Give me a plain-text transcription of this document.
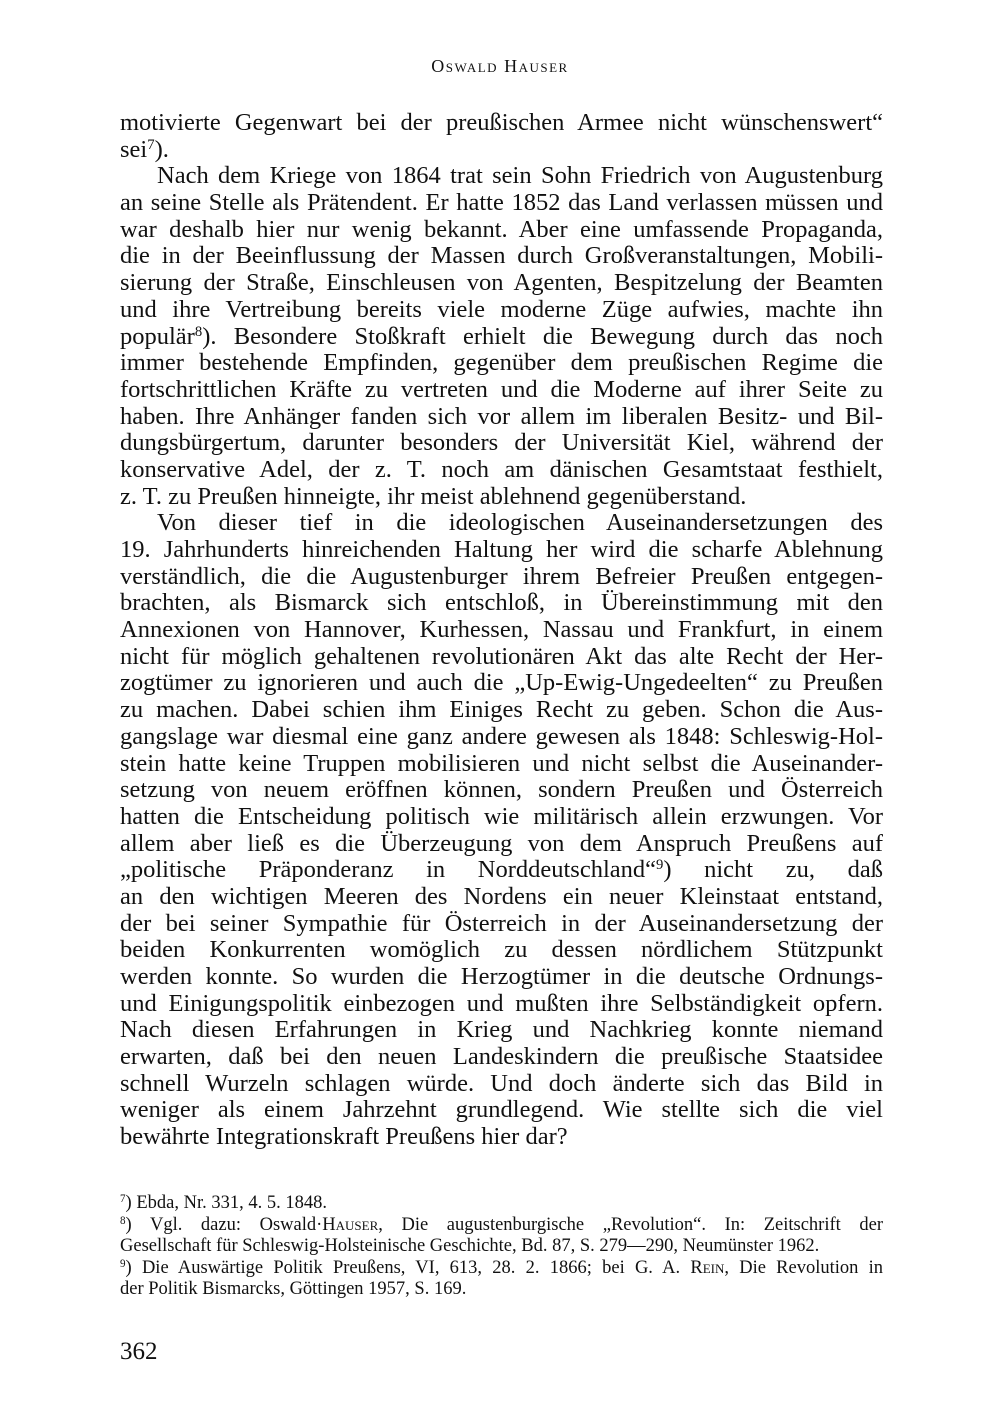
Oswald Hauser
motivierte Gegenwart bei der preußischen Armee nicht wünschenswert“
sei$^7$).
Nach dem Kriege von 1864 trat sein Sohn Friedrich von Augustenburg
an seine Stelle als Prätendent. Er hatte 1852 das Land verlassen müssen und
war deshalb hier nur wenig bekannt. Aber eine umfassende Propaganda,
die in der Beeinflussung der Massen durch Großveranstaltungen, Mobili-
sierung der Straße, Einschleusen von Agenten, Bespitzelung der Beamten
und ihre Vertreibung bereits viele moderne Züge aufwies, machte ihn
populär$^8$). Besondere Stoßkraft erhielt die Bewegung durch das noch
immer bestehende Empfinden, gegenüber dem preußischen Regime die
fortschrittlichen Kräfte zu vertreten und die Moderne auf ihrer Seite zu
haben. Ihre Anhänger fanden sich vor allem im liberalen Besitz- und Bil-
dungsbürgertum, darunter besonders der Universität Kiel, während der
konservative Adel, der z. T. noch am dänischen Gesamtstaat festhielt,
z. T. zu Preußen hinneigte, ihr meist ablehnend gegenüberstand.
Von dieser tief in die ideologischen Auseinandersetzungen des
19. Jahrhunderts hinreichenden Haltung her wird die scharfe Ablehnung
verständlich, die die Augustenburger ihrem Befreier Preußen entgegen-
brachten, als Bismarck sich entschloß, in Übereinstimmung mit den
Annexionen von Hannover, Kurhessen, Nassau und Frankfurt, in einem
nicht für möglich gehaltenen revolutionären Akt das alte Recht der Her-
zogtümer zu ignorieren und auch die „Up-Ewig-Ungedeelten“ zu Preußen
zu machen. Dabei schien ihm Einiges Recht zu geben. Schon die Aus-
gangslage war diesmal eine ganz andere gewesen als 1848: Schleswig-Hol-
stein hatte keine Truppen mobilisieren und nicht selbst die Auseinander-
setzung von neuem eröffnen können, sondern Preußen und Österreich
hatten die Entscheidung politisch wie militärisch allein erzwungen. Vor
allem aber ließ es die Überzeugung von dem Anspruch Preußens auf
„politische Präponderanz in Norddeutschland“$^9$) nicht zu, daß
an den wichtigen Meeren des Nordens ein neuer Kleinstaat entstand,
der bei seiner Sympathie für Österreich in der Auseinandersetzung der
beiden Konkurrenten womöglich zu dessen nördlichem Stützpunkt
werden konnte. So wurden die Herzogtümer in die deutsche Ordnungs-
und Einigungspolitik einbezogen und mußten ihre Selbständigkeit opfern.
Nach diesen Erfahrungen in Krieg und Nachkrieg konnte niemand
erwarten, daß bei den neuen Landeskindern die preußische Staatsidee
schnell Wurzeln schlagen würde. Und doch änderte sich das Bild in
weniger als einem Jahrzehnt grundlegend. Wie stellte sich die viel
bewährte Integrationskraft Preußens hier dar?
$^7$) Ebda, Nr. 331, 4. 5. 1848.
$^8$) Vgl. dazu: Oswald·Hauser, Die augustenburgische „Revolution“. In: Zeitschrift der
Gesellschaft für Schleswig-Holsteinische Geschichte, Bd. 87, S. 279—290, Neumünster 1962.
$^9$) Die Auswärtige Politik Preußens, VI, 613, 28. 2. 1866; bei G. A. Rein, Die Revolution in
der Politik Bismarcks, Göttingen 1957, S. 169.
362
